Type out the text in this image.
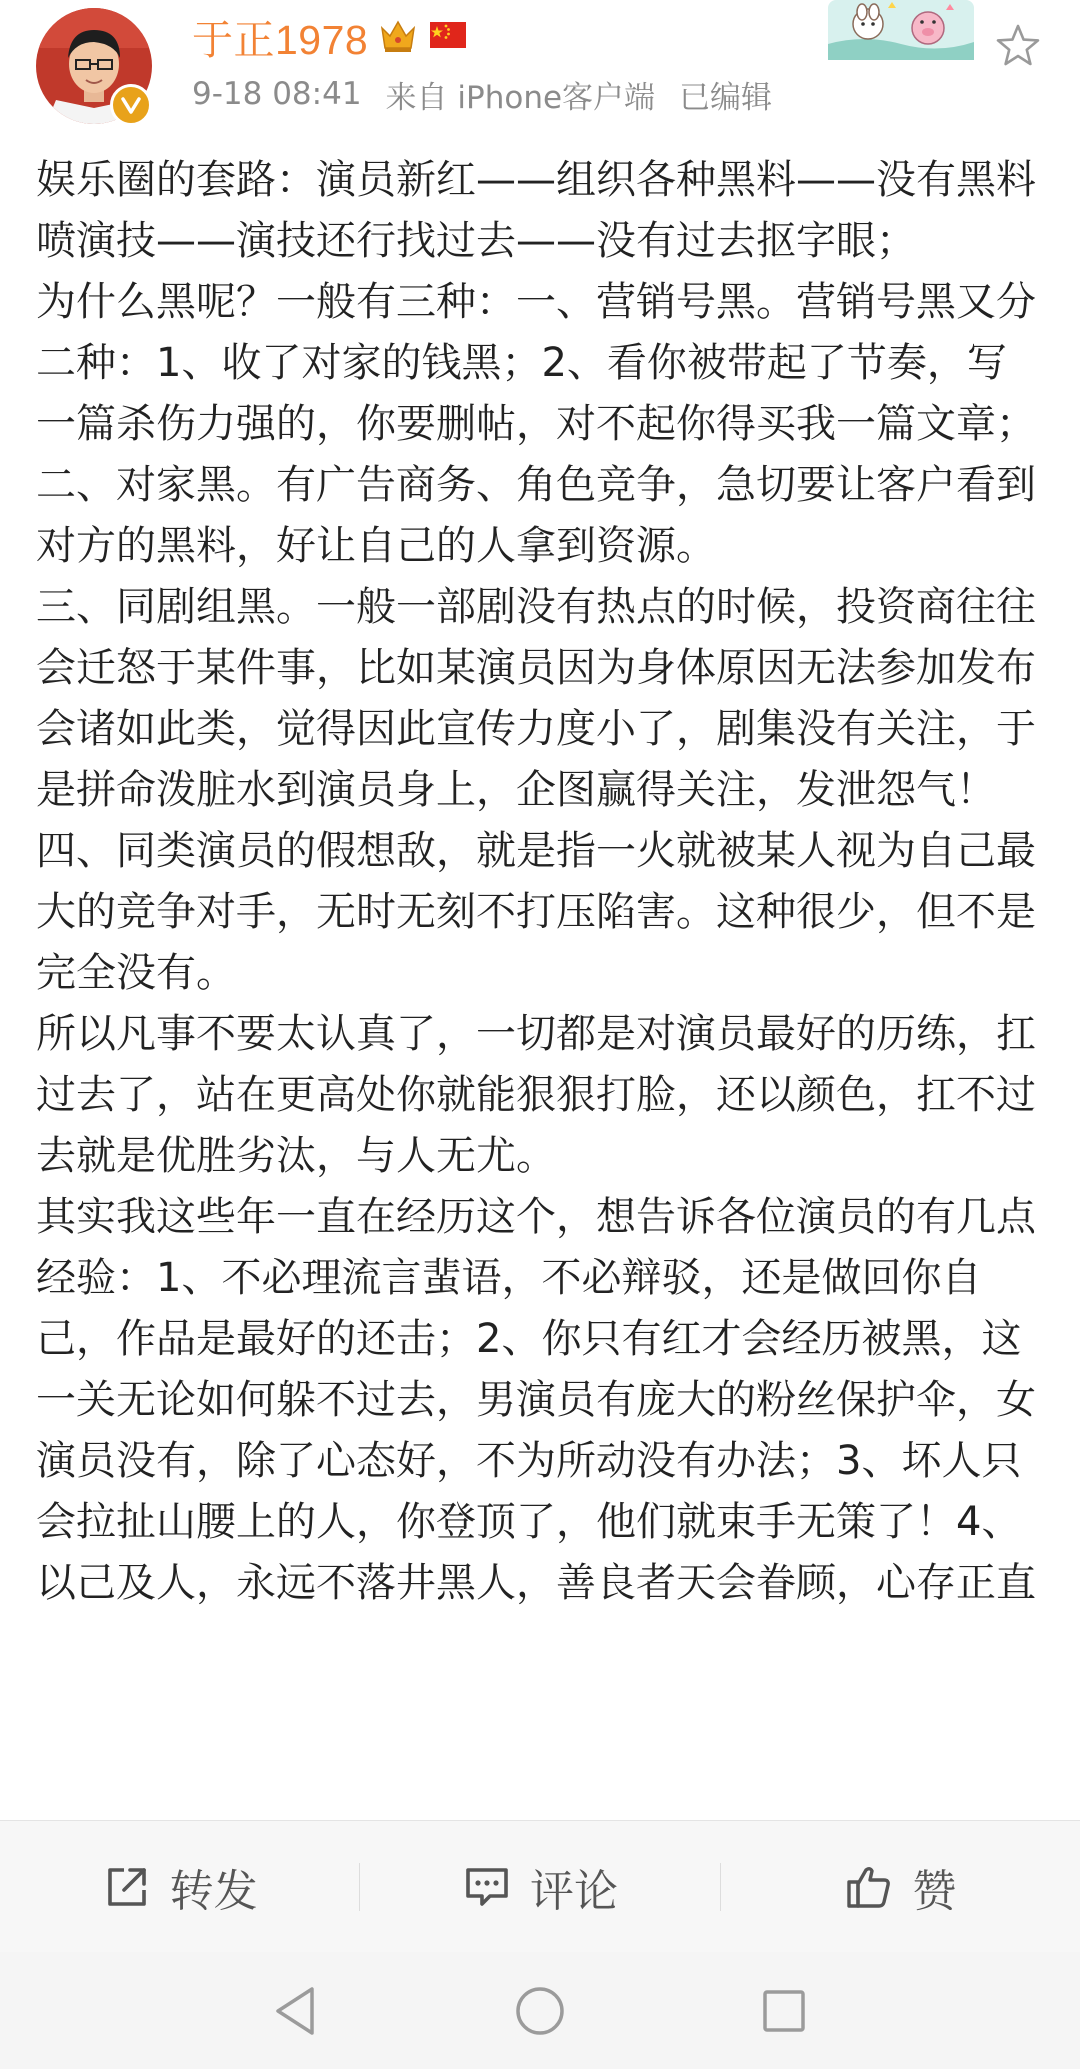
于正1978
9-18 08:41 来自 iPhone客户端 已编辑

娱乐圈的套路：演员新红——组织各种黑料——没有黑料喷演技——演技还行找过去——没有过去抠字眼；

为什么黑呢？一般有三种：一、营销号黑。营销号黑又分二种：1、收了对家的钱黑；2、看你被带起了节奏，写一篇杀伤力强的，你要删帖，对不起你得买我一篇文章；

二、对家黑。有广告商务、角色竞争，急切要让客户看到对方的黑料，好让自己的人拿到资源。

三、同剧组黑。一般一部剧没有热点的时候，投资商往往会迁怒于某件事，比如某演员因为身体原因无法参加发布会诸如此类，觉得因此宣传力度小了，剧集没有关注，于是拼命泼脏水到演员身上，企图赢得关注，发泄怨气！

四、同类演员的假想敌，就是指一火就被某人视为自己最大的竞争对手，无时无刻不打压陷害。这种很少，但不是完全没有。

所以凡事不要太认真了，一切都是对演员最好的历练，扛过去了，站在更高处你就能狠狠打脸，还以颜色，扛不过去就是优胜劣汰，与人无尤。

其实我这些年一直在经历这个，想告诉各位演员的有几点经验：1、不必理流言蜚语，不必辩驳，还是做回你自己，作品是最好的还击；2、你只有红才会经历被黑，这一关无论如何躲不过去，男演员有庞大的粉丝保护伞，女演员没有，除了心态好，不为所动没有办法；3、坏人只会拉扯山腰上的人，你登顶了，他们就束手无策了！4、以己及人，永远不落井黑人，善良者天会眷顾，心存正直

转发	评论	赞
